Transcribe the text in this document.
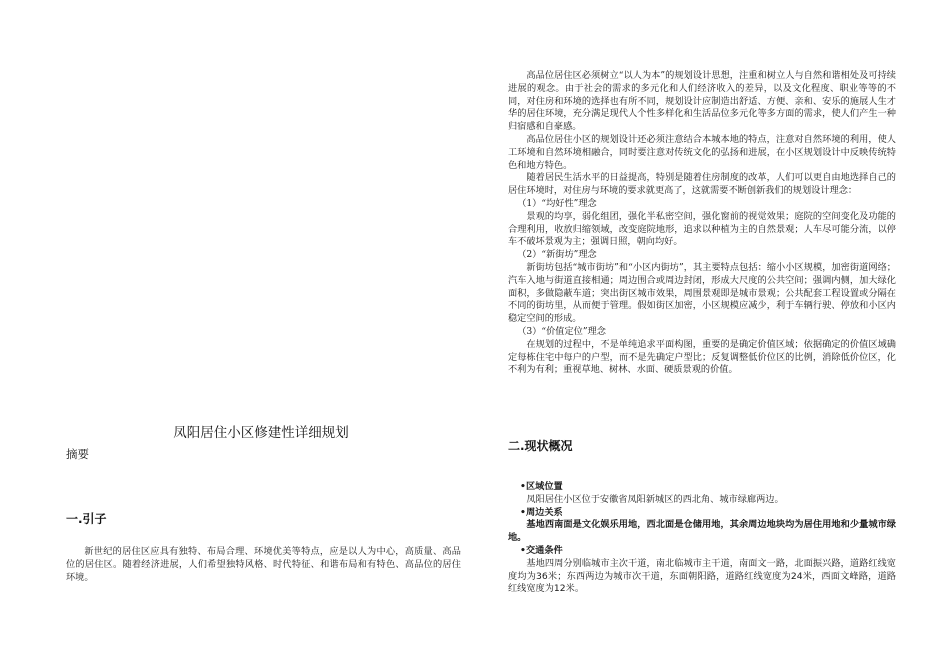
凤阳居住小区修建性详细规划
摘要
一.引子
新世纪的居住区应具有独特、布局合理、环境优美等特点，应是以人为中心，高质量、高品位的居住区。随着经济进展，人们希望独特风格、时代特征、和谐布局和有特色、高品位的居住环境。

高品位居住区必须树立“以人为本”的规划设计思想，注重和树立人与自然和谐相处及可持续进展的观念。由于社会的需求的多元化和人们经济收入的差异，以及文化程度、职业等等的不同，对住房和环境的选择也有所不同，规划设计应制造出舒适、方便、亲和、安乐的施展人生才华的居住环境，充分满足现代人个性多样化和生活品位多元化等多方面的需求，使人们产生一种归宿感和自豪感。

高品位居住小区的规划设计还必须注意结合本城本地的特点，注意对自然环境的利用，使人工环境和自然环境相融合，同时要注意对传统文化的弘扬和进展，在小区规划设计中反映传统特色和地方特色。

随着居民生活水平的日益提高，特别是随着住房制度的改革，人们可以更自由地选择自己的居住环境时，对住房与环境的要求就更高了，这就需要不断创新我们的规划设计理念：

（1）“均好性”理念

景观的均享，弱化组团，强化半私密空间，强化窗前的视觉效果；庭院的空间变化及功能的合理利用，收放归缩领域，改变庭院地形，追求以种植为主的自然景观；人车尽可能分流，以停车不破坏景观为主；强调日照，朝向均好。

（2）“新街坊”理念

新街坊包括“城市街坊”和“小区内街坊”，其主要特点包括：缩小小区规模，加密街道网络；汽车入地与街道直接相通；周边围合或周边封闭，形成大尺度的公共空间；强调内侧，加大绿化面积，多做隐蔽车道；突出街区城市效果，周围景观即是城市景观；公共配套工程设置或分隔在不同的街坊里，从而便于管理。假如街区加密，小区规模应减少，利于车辆行驶、停放和小区内稳定空间的形成。

（3）“价值定位”理念

在规划的过程中，不是单纯追求平面构图，重要的是确定价值区域；依据确定的价值区域确定每栋住宅中每户的户型，而不是先确定户型比；反复调整低价位区的比例，消除低价位区，化不利为有利；重视草地、树林、水面、硬质景观的价值。

二.现状概况
• 区域位置

凤阳居住小区位于安徽省凤阳新城区的西北角、城市绿廊两边。

• 周边关系

基地西南面是文化娱乐用地，西北面是仓储用地，其余周边地块均为居住用地和少量城市绿地。

• 交通条件

基地四周分别临城市主次干道，南北临城市主干道，南面文一路，北面振兴路，道路红线宽度均为36米；东西两边为城市次干道，东面朝阳路，道路红线宽度为24米，西面文峰路，道路红线宽度为12米。
